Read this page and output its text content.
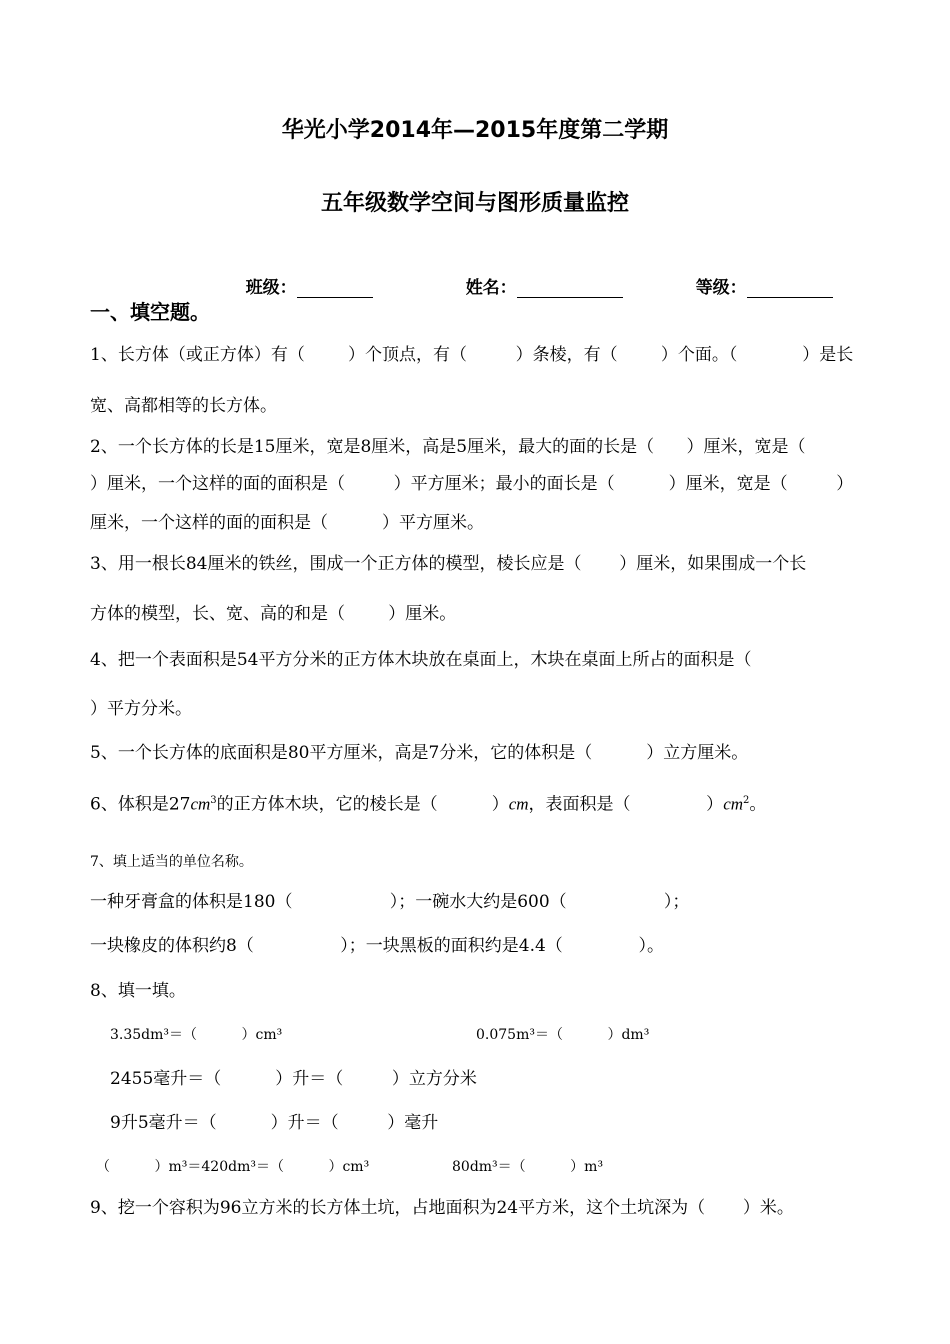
华光小学2014年—2015年度第二学期
五年级数学空间与图形质量监控

班级：
	姓名：
	等级：

一、填空题。
1、长方体（或正方体）有（        ）个顶点，有（         ）条棱，有（        ）个面。（            ）是长
宽、高都相等的长方体。
2、一个长方体的长是15厘米，宽是8厘米，高是5厘米，最大的面的长是（      ）厘米，宽是（
）厘米，一个这样的面的面积是（         ）平方厘米；最小的面长是（          ）厘米，宽是（         ）
厘米，一个这样的面的面积是（          ）平方厘米。
3、用一根长84厘米的铁丝，围成一个正方体的模型，棱长应是（       ）厘米，如果围成一个长
方体的模型，长、宽、高的和是（        ）厘米。
4、把一个表面积是54平方分米的正方体木块放在桌面上，木块在桌面上所占的面积是（
）平方分米。
5、一个长方体的底面积是80平方厘米，高是7分米，它的体积是（          ）立方厘米。
6、体积是$27cm^3$的正方体木块，它的棱长是（          ）cm，表面积是（              ）$cm^2$。
7、填上适当的单位名称。
一种牙膏盒的体积是180（                  ）；一碗水大约是600（                  ）；
一块橡皮的体积约8（                ）；一块黑板的面积约是4.4（              ）。
8、填一填。
3.35dm³＝（          ）cm³	0.075m³＝（          ）dm³
2455毫升＝（          ）升＝（         ）立方分米
9升5毫升＝（          ）升＝（         ）毫升
（          ）m³＝420dm³＝（          ）cm³	80dm³＝（          ）m³
9、挖一个容积为96立方米的长方体土坑，占地面积为24平方米，这个土坑深为（       ）米。
